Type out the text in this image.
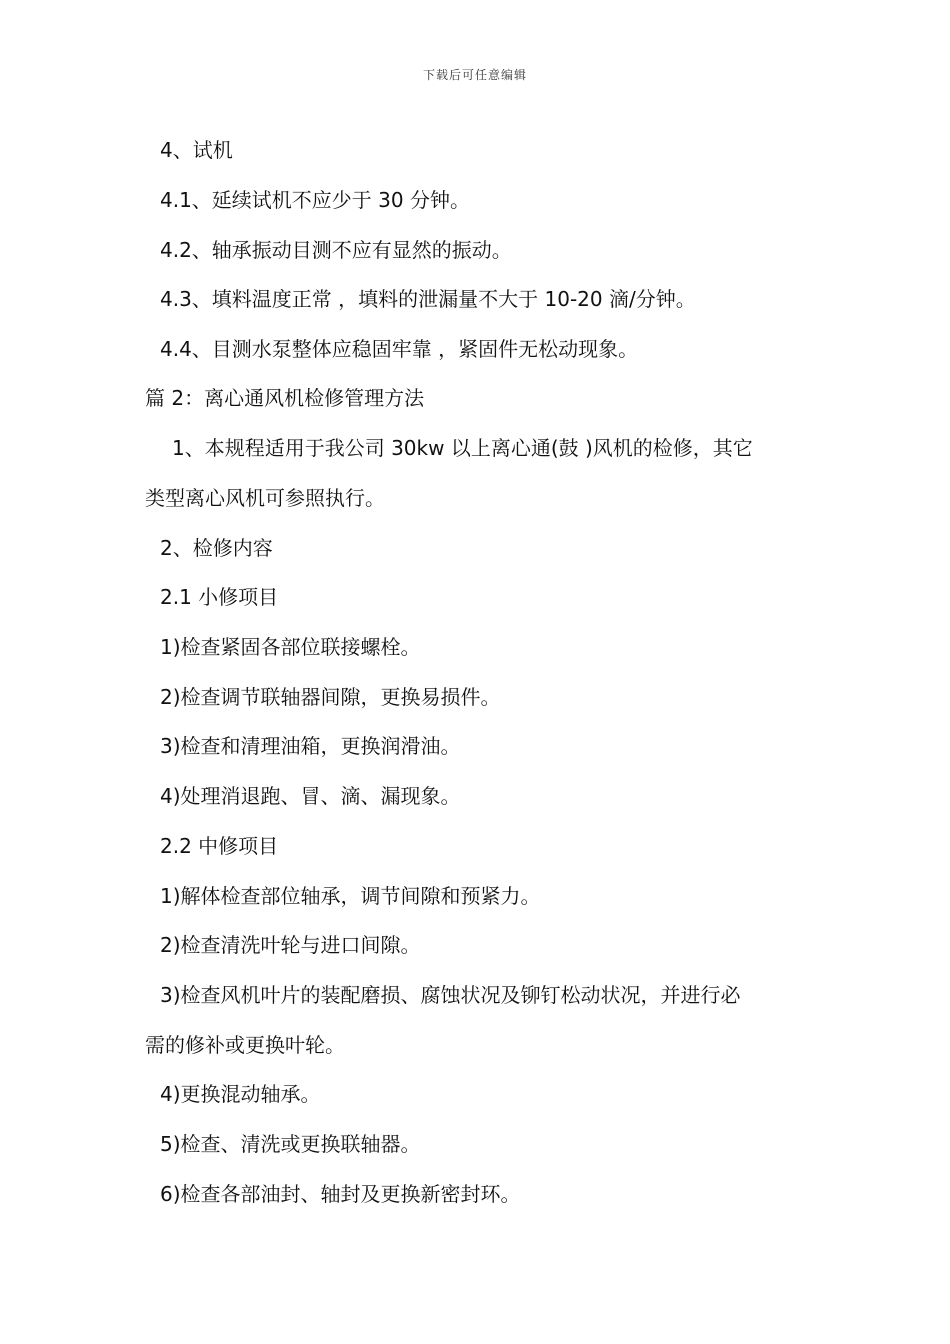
下载后可任意编辑
4、试机
4.1、延续试机不应少于 30 分钟。
4.2、轴承振动目测不应有显然的振动。
4.3、填料温度正常 ，填料的泄漏量不大于 10-20 滴/分钟。
4.4、目测水泵整体应稳固牢靠 ，紧固件无松动现象。
篇 2：离心通风机检修管理方法
1、本规程适用于我公司 30kw 以上离心通(鼓 )风机的检修，其它
类型离心风机可参照执行。
2、检修内容
2.1 小修项目
1)检查紧固各部位联接螺栓。
2)检查调节联轴器间隙，更换易损件。
3)检查和清理油箱，更换润滑油。
4)处理消退跑、冒、滴、漏现象。
2.2 中修项目
1)解体检查部位轴承，调节间隙和预紧力。
2)检查清洗叶轮与进口间隙。
3)检查风机叶片的装配磨损、腐蚀状况及铆钉松动状况，并进行必
需的修补或更换叶轮。
4)更换混动轴承。
5)检查、清洗或更换联轴器。
6)检查各部油封、轴封及更换新密封环。
